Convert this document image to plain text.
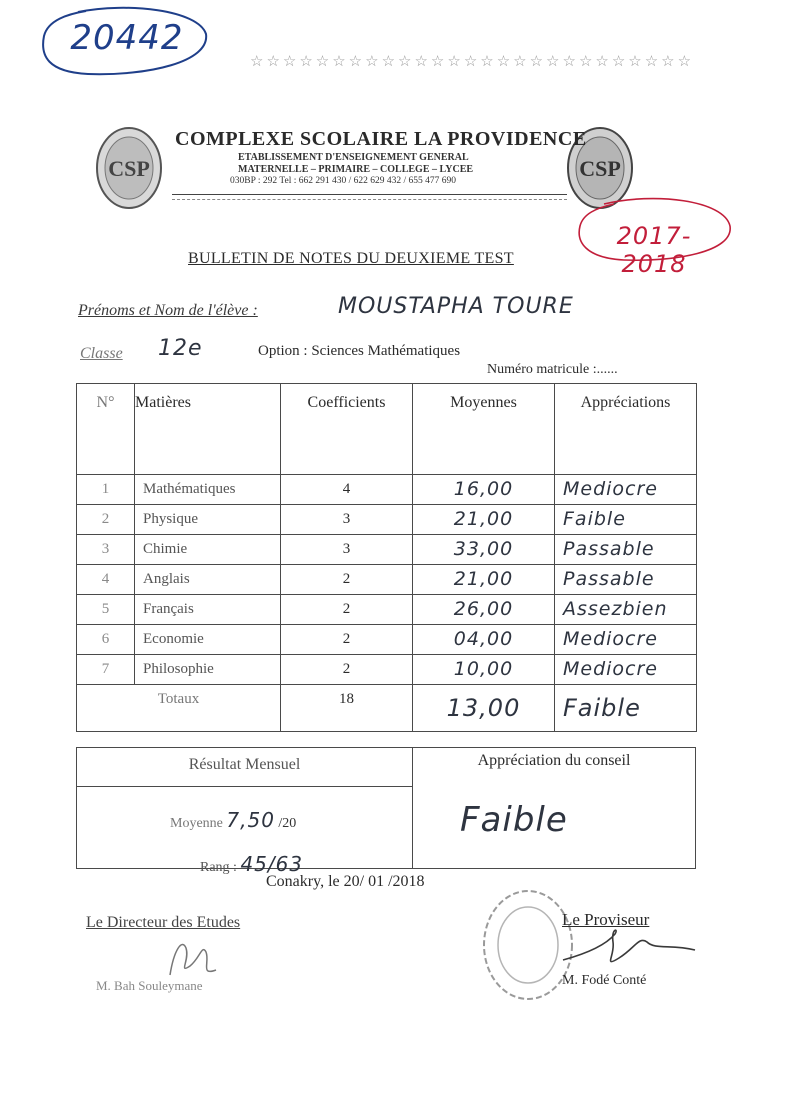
20442
☆☆☆☆☆☆☆☆☆☆☆☆☆☆☆☆☆☆☆☆☆☆☆☆☆☆☆
CSP	CSP
COMPLEXE SCOLAIRE LA PROVIDENCE
ETABLISSEMENT D'ENSEIGNEMENT GENERAL
MATERNELLE – PRIMAIRE – COLLEGE – LYCEE
030BP : 292 Tel : 662 291 430 / 622 629 432 / 655 477 690
2017- 2018
BULLETIN DE NOTES DU DEUXIEME TEST
Prénoms et Nom de l'élève :	MOUSTAPHA TOURE
Classe 12e	Option : Sciences Mathématiques
Numéro matricule :......
N°	Matières	Coefficients	Moyennes	Appréciations
1	Mathématiques	4	16,00	Mediocre
2	Physique	3	21,00	Faible
3	Chimie	3	33,00	Passable
4	Anglais	2	21,00	Passable
5	Français	2	26,00	Assezbien
6	Economie	2	04,00	Mediocre
7	Philosophie	2	10,00	Mediocre
Totaux		18	13,00	Faible
Résultat Mensuel	Appréciation du conseil
Moyenne 7,50 /20
Rang : 45/63
Faible
Conakry, le 20/ 01 /2018
Le Directeur des Etudes
M. Bah Souleymane
Le Proviseur
M. Fodé Conté
